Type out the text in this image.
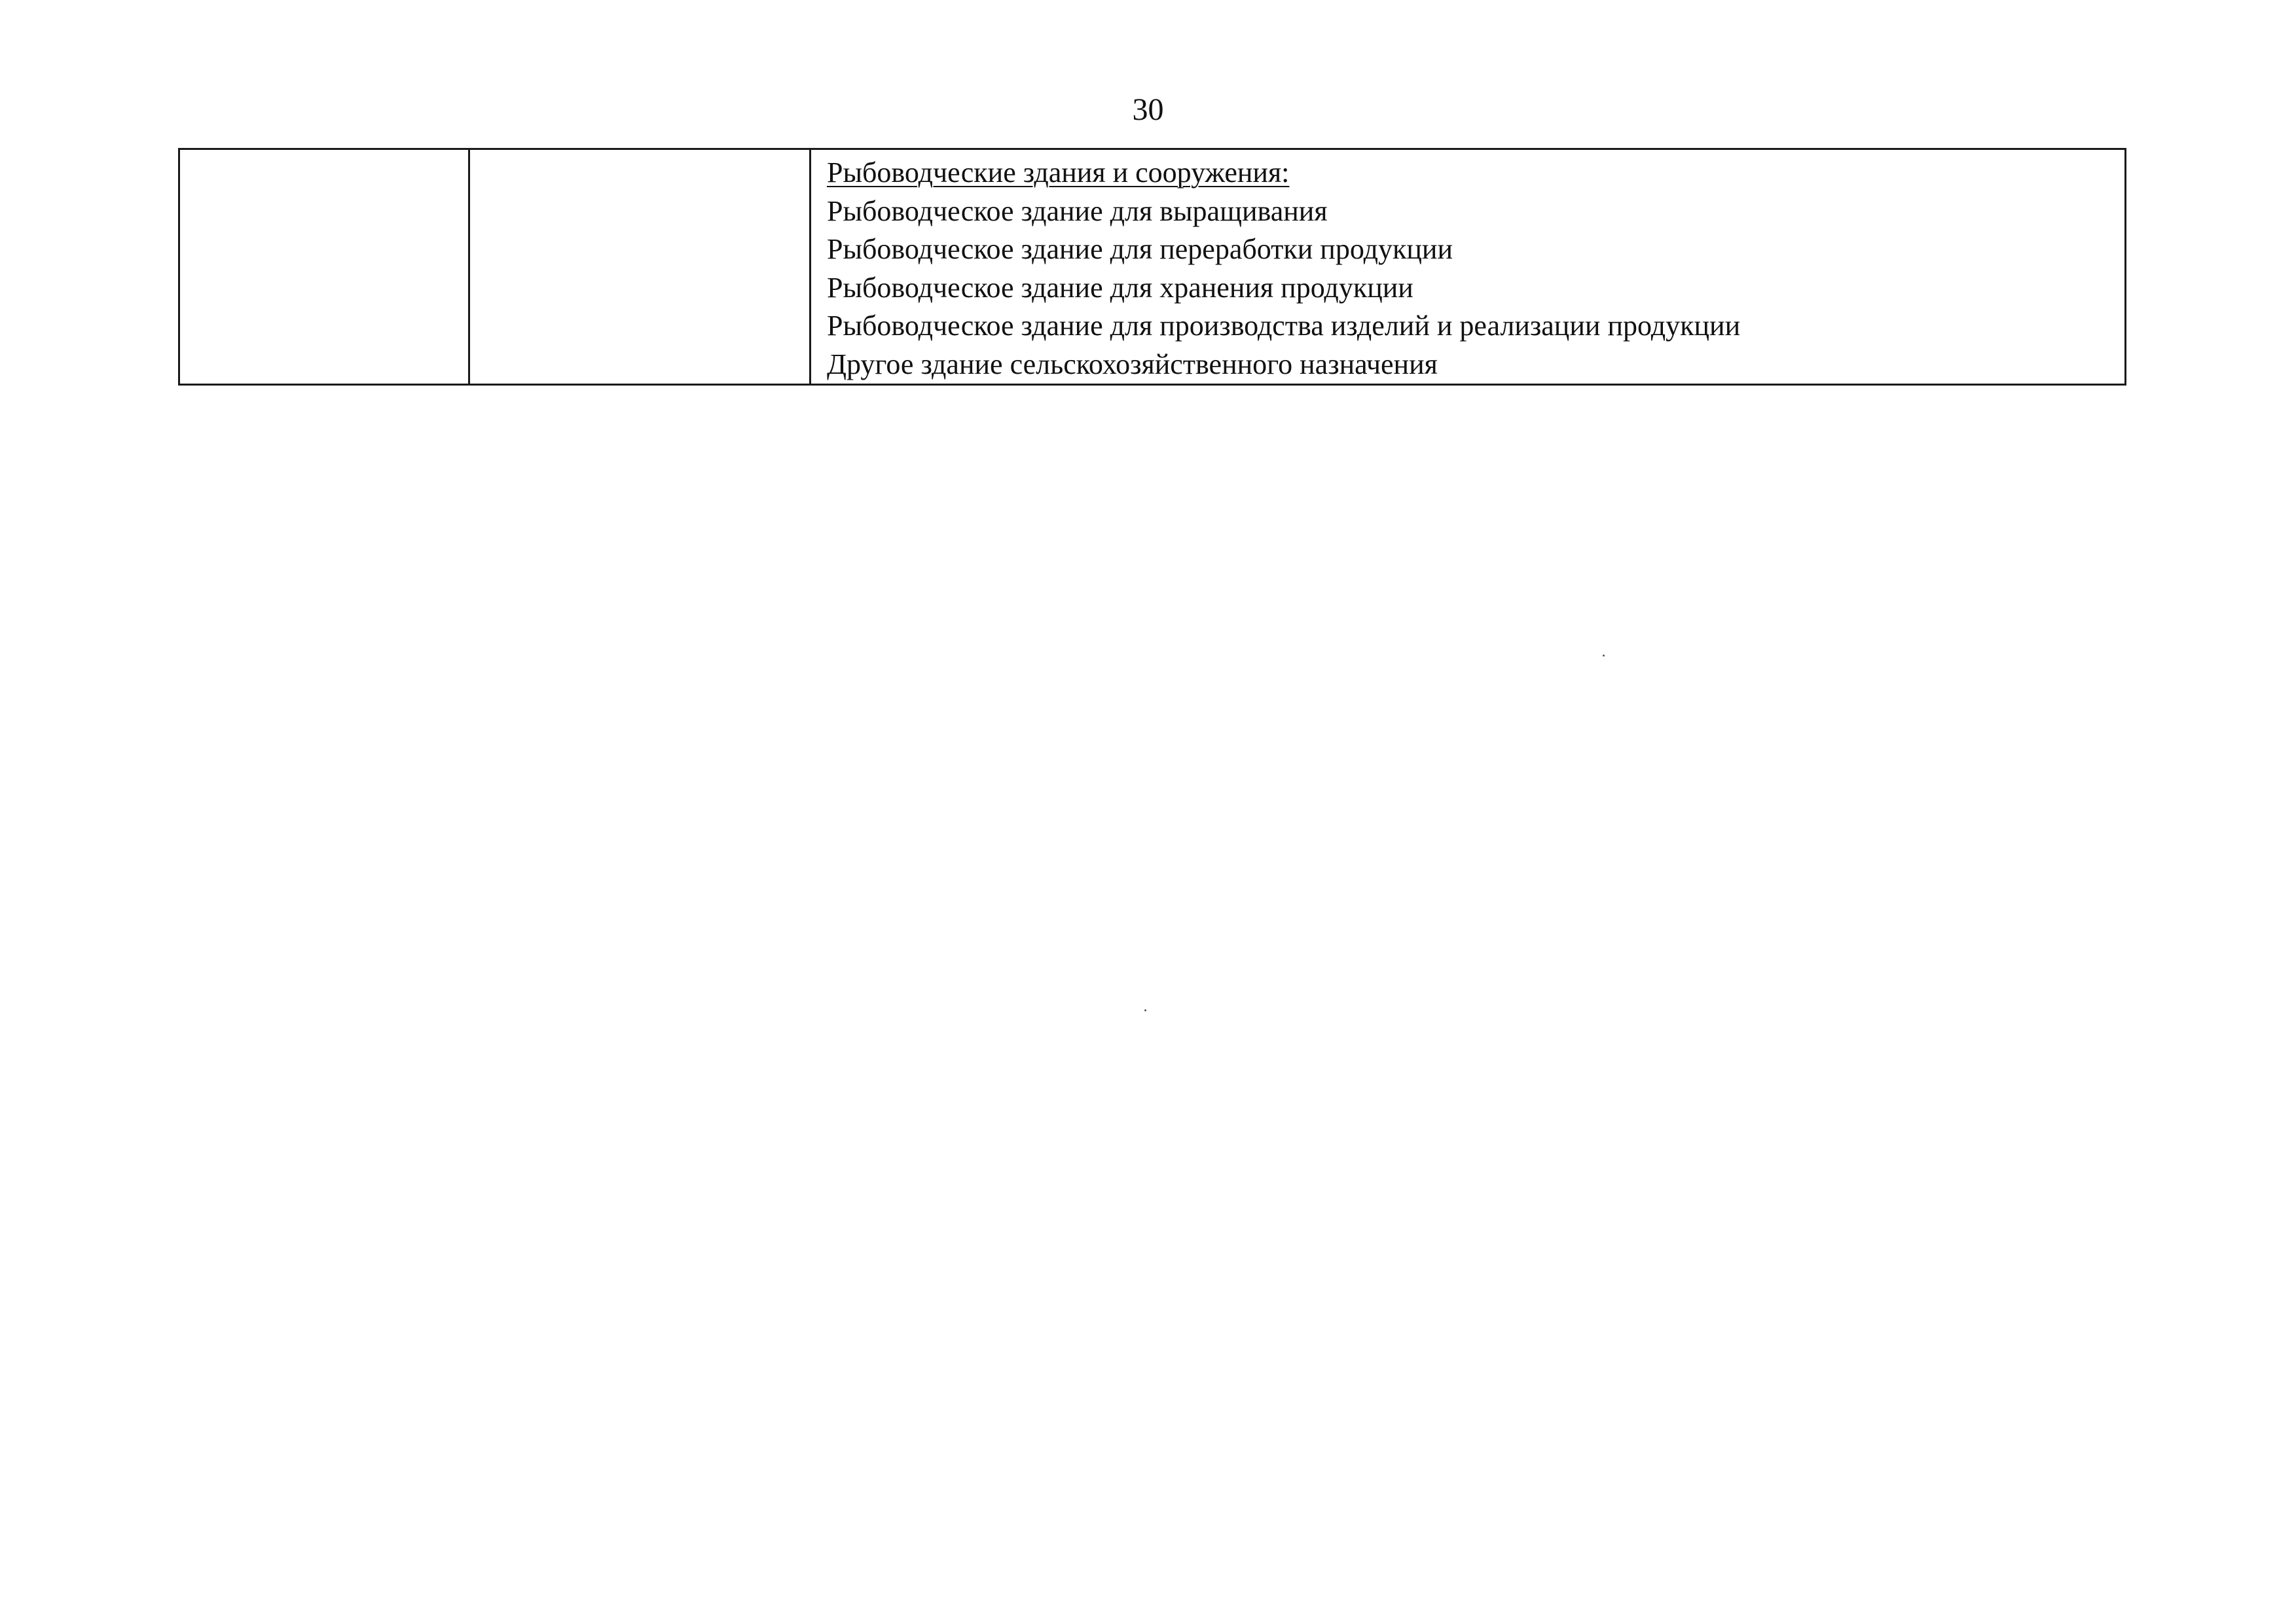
30

Рыбоводческие здания и сооружения:
Рыбоводческое здание для выращивания
Рыбоводческое здание для переработки продукции
Рыбоводческое здание для хранения продукции
Рыбоводческое здание для производства изделий и реализации продукции
Другое здание сельскохозяйственного назначения
